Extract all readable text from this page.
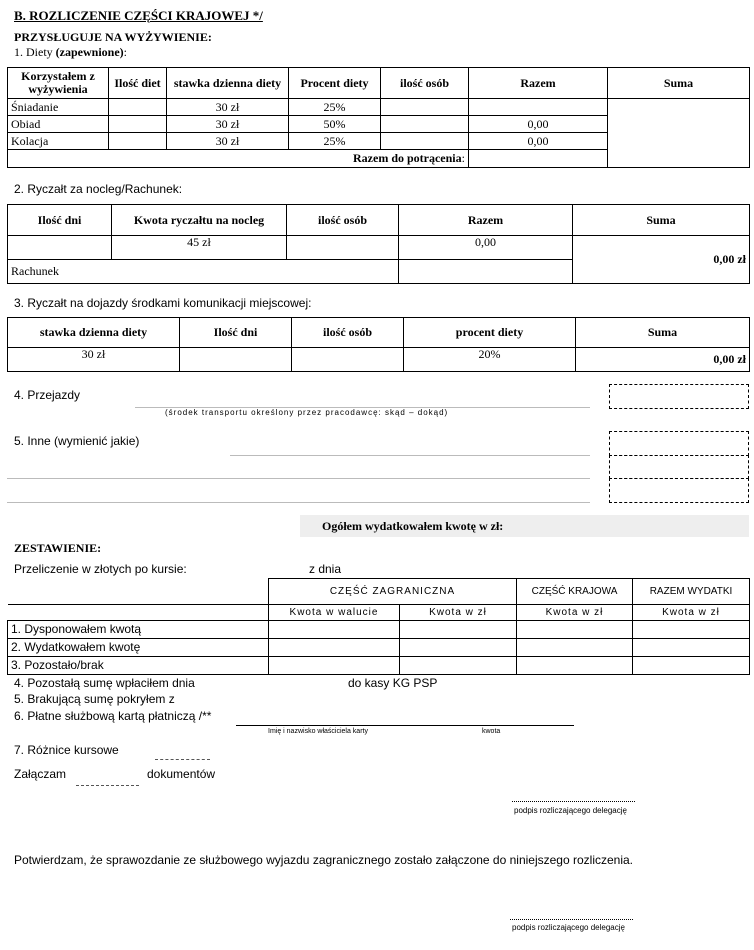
B. ROZLICZENIE CZĘŚCI KRAJOWEJ */
PRZYSŁUGUJE NA WYŻYWIENIE:
1. Diety (zapewnione):
Korzystałem z wyżywienia	Ilość diet	stawka dzienna diety	Procent diety	ilość osób	Razem	Suma
Śniadanie		30 zł	25%			
Obiad		30 zł	50%		0,00	
Kolacja		30 zł	25%		0,00	
Razem do potrącenia:						
2. Ryczałt za nocleg/Rachunek:
Ilość dni	Kwota ryczałtu na nocleg	ilość osób	Razem	Suma
	45 zł		0,00	0,00 zł
Rachunek				
3. Ryczałt na dojazdy środkami komunikacji miejscowej:
stawka dzienna diety	Ilość dni	ilość osób	procent diety	Suma
30 zł			20%	0,00 zł
4. Przejazdy
(środek transportu określony przez pracodawcę: skąd – dokąd)
5. Inne (wymienić jakie)
Ogółem wydatkowałem kwotę w zł:
ZESTAWIENIE:
Przeliczenie w złotych po kursie:	z dnia
	CZĘŚĆ ZAGRANICZNA		CZĘŚĆ KRAJOWA	RAZEM WYDATKI
	Kwota w walucie	Kwota w zł	Kwota w zł	Kwota w zł
1. Dysponowałem kwotą				
2. Wydatkowałem kwotę				
3. Pozostało/brak				
4. Pozostałą sumę wpłaciłem dnia	do kasy KG PSP
5. Brakującą sumę pokryłem z
6. Płatne służbową kartą płatniczą /**
Imię i nazwisko właściciela karty	kwota
7. Różnice kursowe
Załączam	dokumentów
podpis rozliczającego delegację
Potwierdzam, że sprawozdanie ze służbowego wyjazdu zagranicznego zostało załączone do niniejszego rozliczenia.
podpis rozliczającego delegację
